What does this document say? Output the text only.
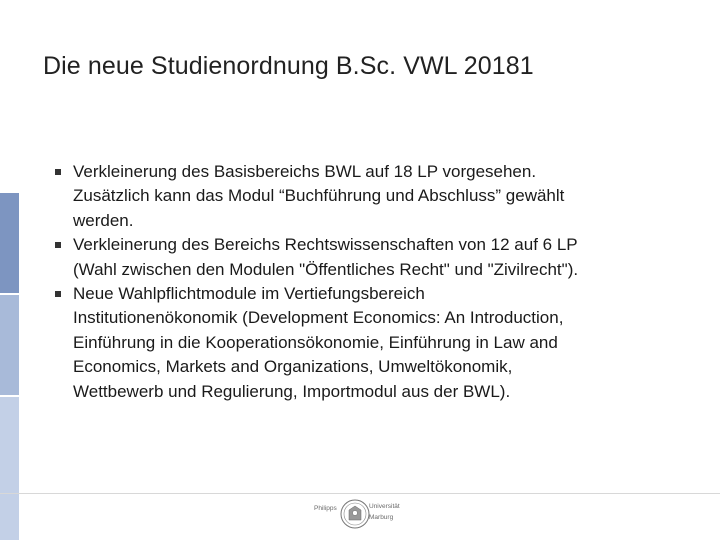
Die neue Studienordnung B.Sc. VWL 20181
Verkleinerung des Basisbereichs BWL auf 18 LP vorgesehen.
Zusätzlich kann das Modul “Buchführung und Abschluss” gewählt
werden.
Verkleinerung des Bereichs Rechtswissenschaften von 12 auf 6 LP
(Wahl zwischen den Modulen "Öffentliches Recht" und "Zivilrecht").
Neue Wahlpflichtmodule im Vertiefungsbereich
Institutionenökonomik (Development Economics: An Introduction,
Einführung in die Kooperationsökonomie, Einführung in Law and
Economics, Markets and Organizations, Umweltökonomik,
Wettbewerb und Regulierung, Importmodul aus der BWL).
Philipps	Universität
Marburg
